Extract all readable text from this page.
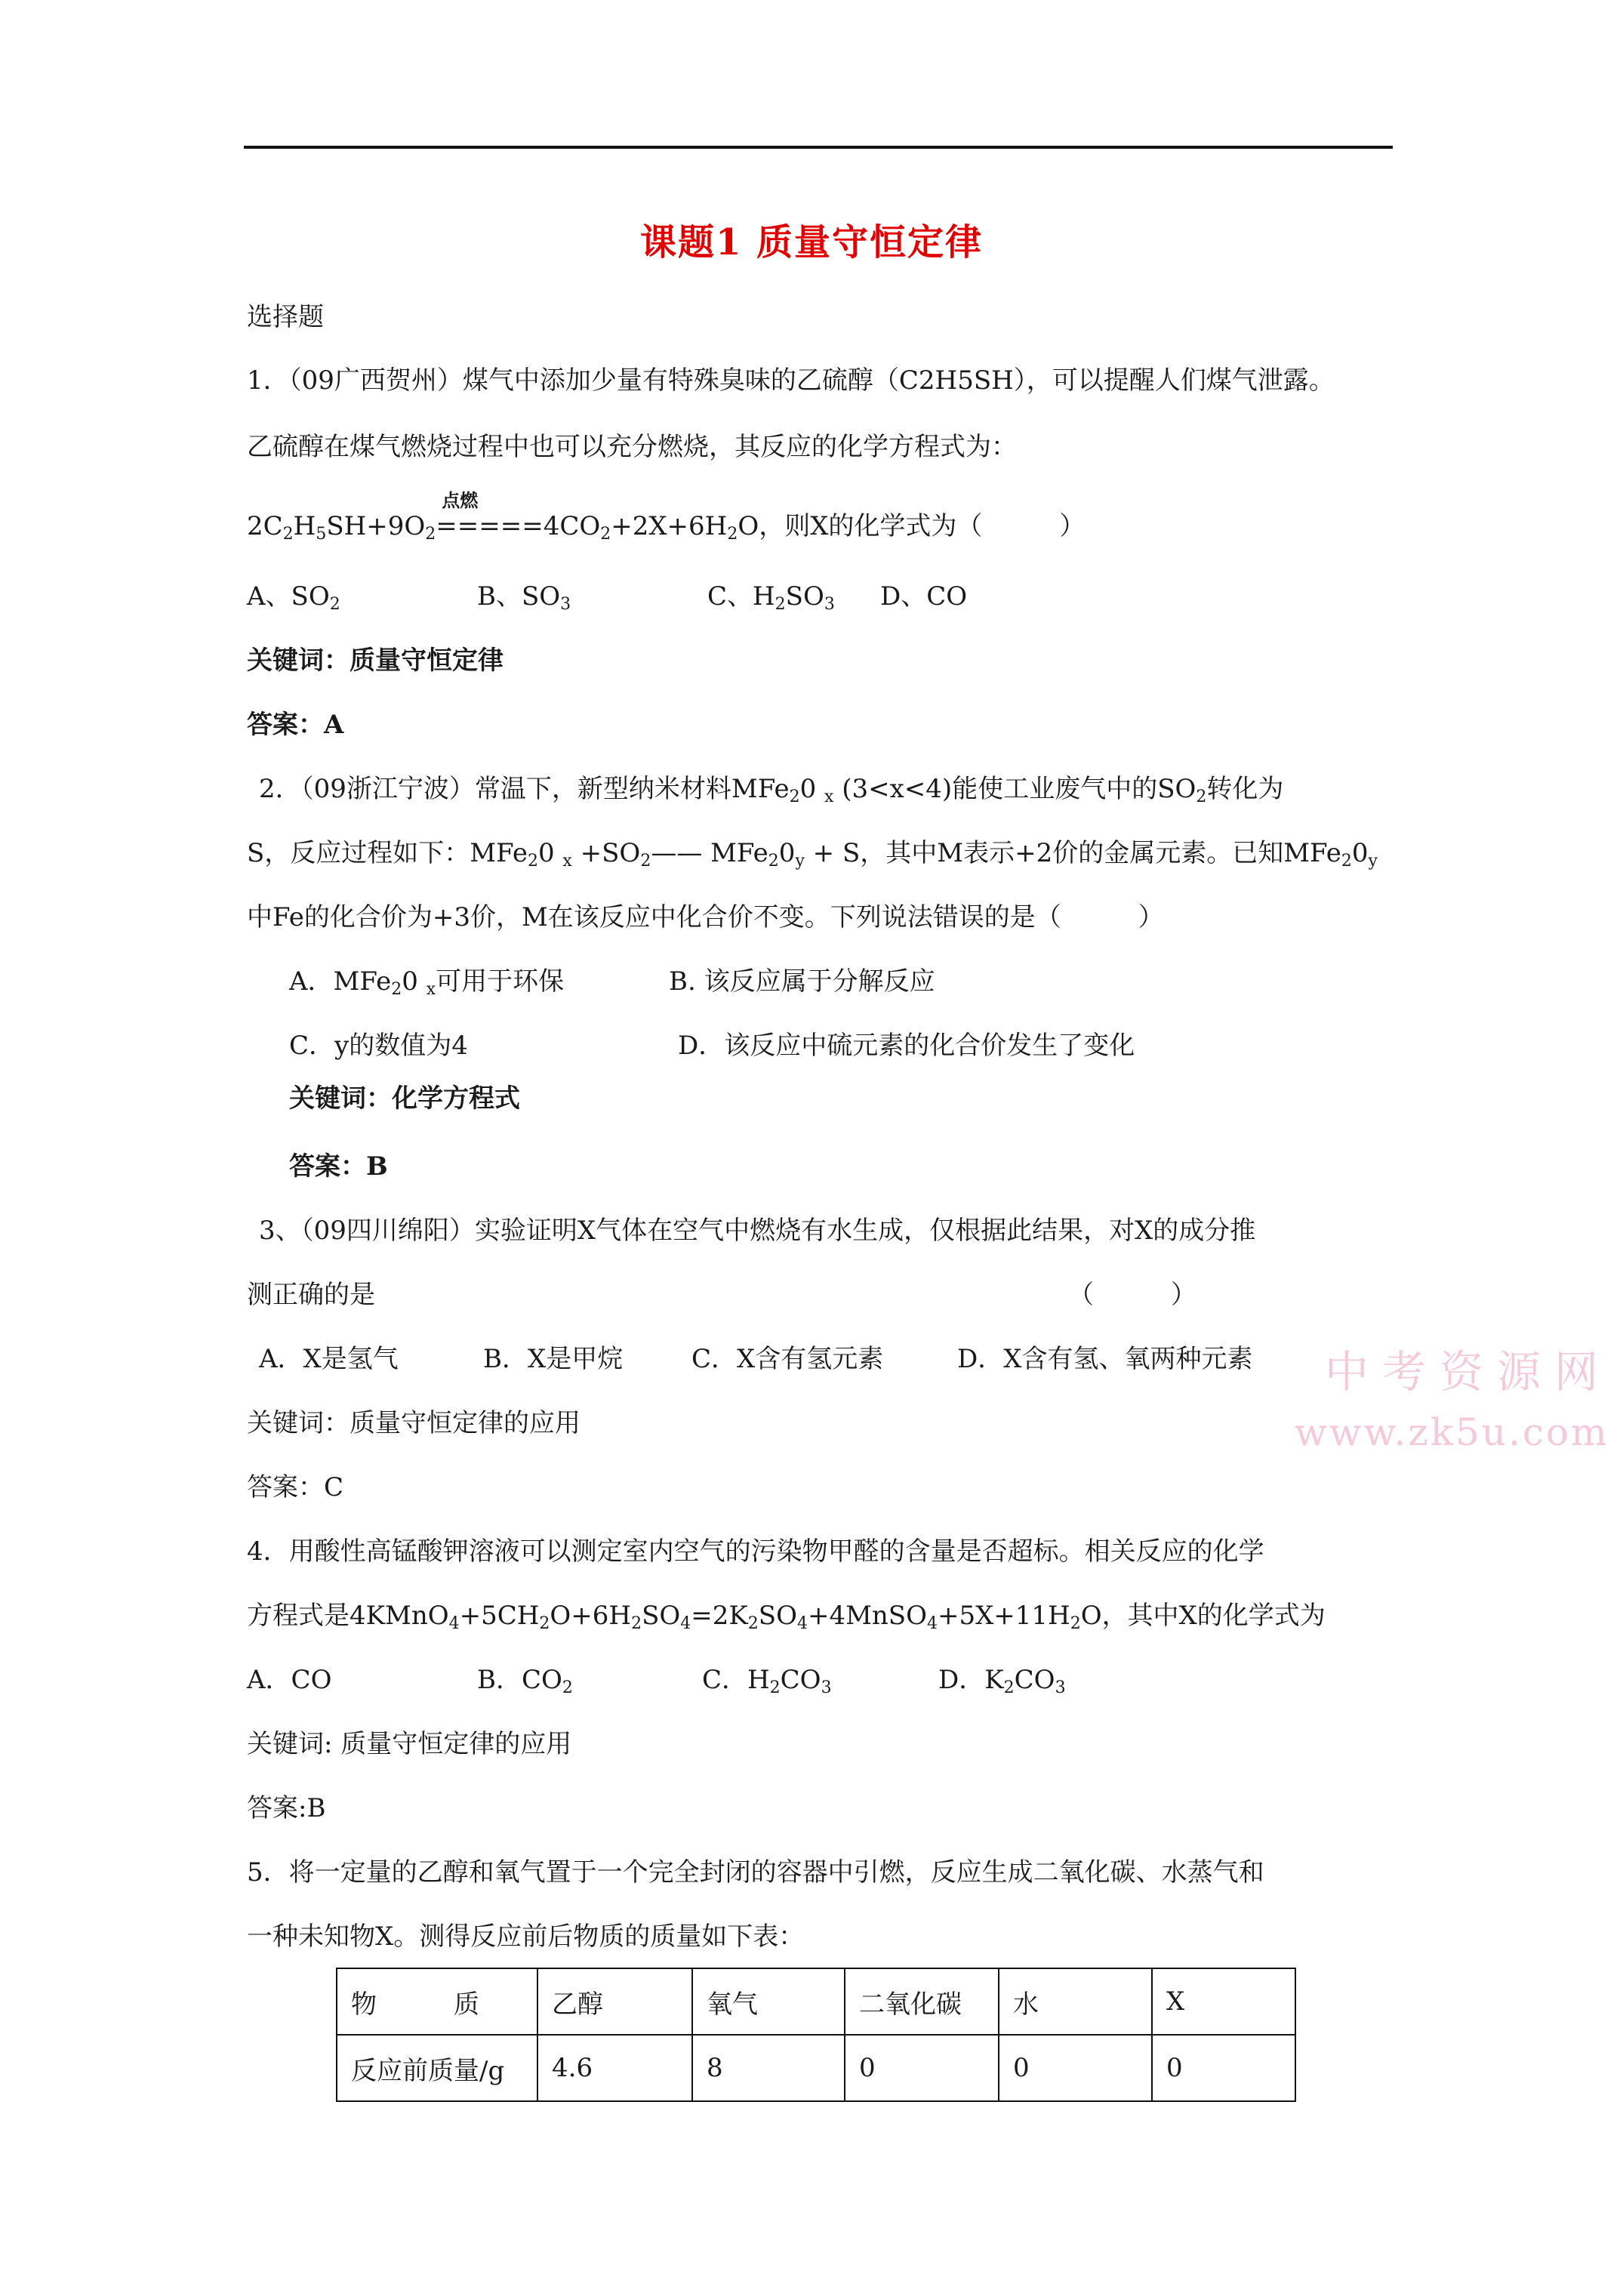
课题1 质量守恒定律
选择题
1．（09广西贺州）煤气中添加少量有特殊臭味的乙硫醇（C2H5SH），可以提醒人们煤气泄露。
乙硫醇在煤气燃烧过程中也可以充分燃烧，其反应的化学方程式为：
$2C_2H_5SH+9O_2$
点燃
$=====4CO_2+2X+6H_2O$，则X的化学式为（　　　）
A、$SO_2$	B、$SO_3$	C、$H_2SO_3$ D、CO
关键词：质量守恒定律
答案：A
2．（09浙江宁波）常温下，新型纳米材料MFe$_2$0 $_x$ (3<x<4)能使工业废气中的$SO_2$转化为
S，反应过程如下：MFe$_2$0 $_x +SO_2——$ $MFe_20_y + S$，其中M表示+2价的金属元素。已知$MFe_20_y$
中Fe的化合价为+3价，M在该反应中化合价不变。下列说法错误的是（　　　）
A．MFe$_2$0 $_x$可用于环保	B. 该反应属于分解反应
C．y的数值为4	D．该反应中硫元素的化合价发生了变化
关键词：化学方程式
答案：B
3、（09四川绵阳）实验证明X气体在空气中燃烧有水生成，仅根据此结果，对X的成分推
测正确的是	（　　　）
A．X是氢气	B．X是甲烷	C．X含有氢元素	D．X含有氢、氧两种元素
关键词：质量守恒定律的应用
答案：C
中考资源网
www.zk5u.com
4．用酸性高锰酸钾溶液可以测定室内空气的污染物甲醛的含量是否超标。相关反应的化学
方程式是$4KMnO_4+5CH_2O+6H_2SO_4=2K_2SO_4+4MnSO_4+5X+11H_2O$，其中X的化学式为
A．CO	B．$CO_2$	C．$H_2CO_3$	D．$K_2CO_3$
关键词: 质量守恒定律的应用
答案:B
5．将一定量的乙醇和氧气置于一个完全封闭的容器中引燃，反应生成二氧化碳、水蒸气和
一种未知物X。测得反应前后物质的质量如下表：
物　　　质	乙醇	氧气	二氧化碳	水	X
反应前质量/g	4.6	8	0	0	0
